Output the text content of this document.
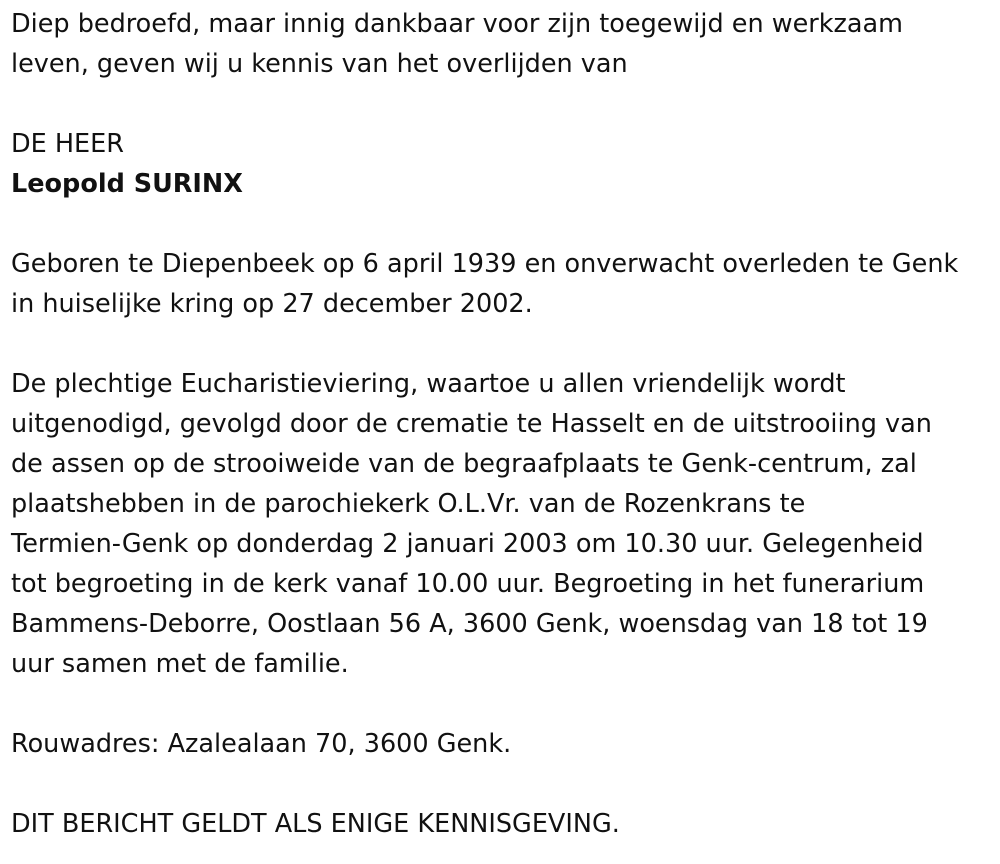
Diep bedroefd, maar innig dankbaar voor zijn toegewijd en werkzaam
leven, geven wij u kennis van het overlijden van

DE HEER

Leopold SURINX

Geboren te Diepenbeek op 6 april 1939 en onverwacht overleden te Genk
in huiselijke kring op 27 december 2002.

De plechtige Eucharistieviering, waartoe u allen vriendelijk wordt
uitgenodigd, gevolgd door de crematie te Hasselt en de uitstrooiing van
de assen op de strooiweide van de begraafplaats te Genk-centrum, zal
plaatshebben in de parochiekerk O.L.Vr. van de Rozenkrans te
Termien-Genk op donderdag 2 januari 2003 om 10.30 uur. Gelegenheid
tot begroeting in de kerk vanaf 10.00 uur. Begroeting in het funerarium
Bammens-Deborre, Oostlaan 56 A, 3600 Genk, woensdag van 18 tot 19
uur samen met de familie.

Rouwadres: Azalealaan 70, 3600 Genk.

DIT BERICHT GELDT ALS ENIGE KENNISGEVING.
